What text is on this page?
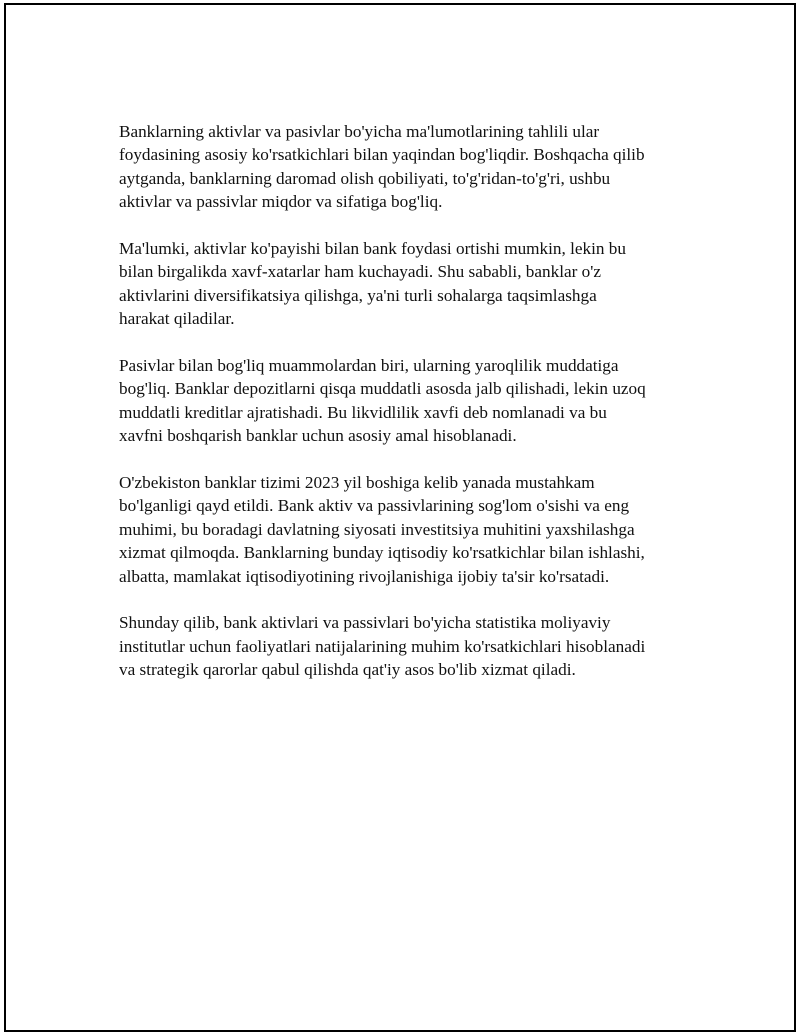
Banklarning aktivlar va pasivlar bo'yicha ma'lumotlarining tahlili ular
foydasining asosiy ko'rsatkichlari bilan yaqindan bog'liqdir. Boshqacha qilib
aytganda, banklarning daromad olish qobiliyati, to'g'ridan-to'g'ri, ushbu
aktivlar va passivlar miqdor va sifatiga bog'liq.

Ma'lumki, aktivlar ko'payishi bilan bank foydasi ortishi mumkin, lekin bu
bilan birgalikda xavf-xatarlar ham kuchayadi. Shu sababli, banklar o'z
aktivlarini diversifikatsiya qilishga, ya'ni turli sohalarga taqsimlashga
harakat qiladilar.

Pasivlar bilan bog'liq muammolardan biri, ularning yaroqlilik muddatiga
bog'liq. Banklar depozitlarni qisqa muddatli asosda jalb qilishadi, lekin uzoq
muddatli kreditlar ajratishadi. Bu likvidlilik xavfi deb nomlanadi va bu
xavfni boshqarish banklar uchun asosiy amal hisoblanadi.

O'zbekiston banklar tizimi 2023 yil boshiga kelib yanada mustahkam
bo'lganligi qayd etildi. Bank aktiv va passivlarining sog'lom o'sishi va eng
muhimi, bu boradagi davlatning siyosati investitsiya muhitini yaxshilashga
xizmat qilmoqda. Banklarning bunday iqtisodiy ko'rsatkichlar bilan ishlashi,
albatta, mamlakat iqtisodiyotining rivojlanishiga ijobiy ta'sir ko'rsatadi.

Shunday qilib, bank aktivlari va passivlari bo'yicha statistika moliyaviy
institutlar uchun faoliyatlari natijalarining muhim ko'rsatkichlari hisoblanadi
va strategik qarorlar qabul qilishda qat'iy asos bo'lib xizmat qiladi.
